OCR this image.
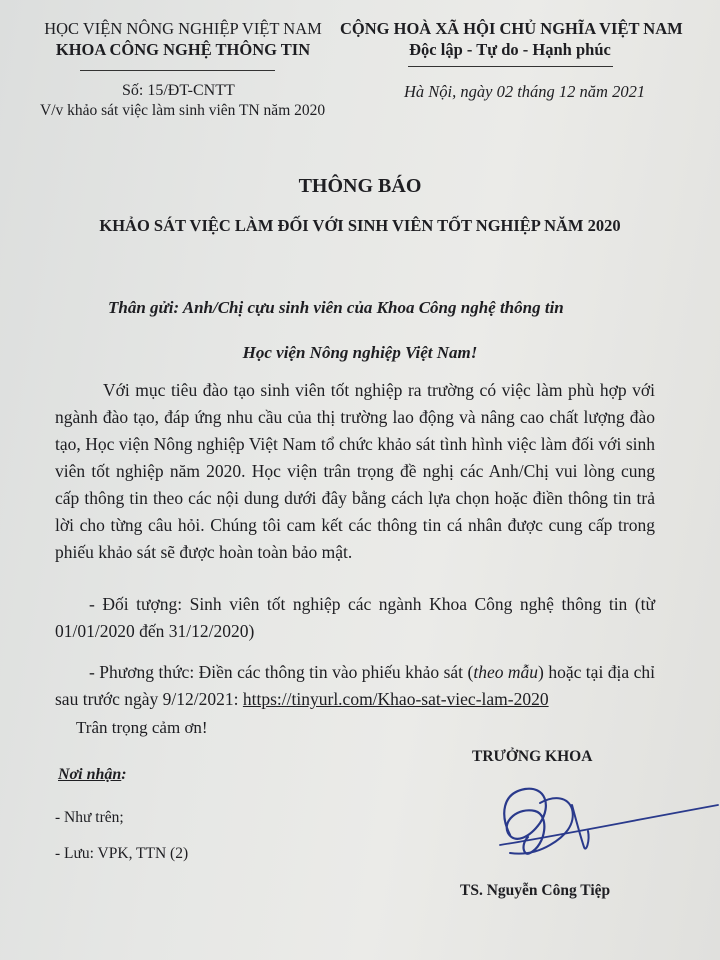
HỌC VIỆN NÔNG NGHIỆP VIỆT NAM
KHOA CÔNG NGHỆ THÔNG TIN
CỘNG HOÀ XÃ HỘI CHỦ NGHĨA VIỆT NAM
Độc lập - Tự do - Hạnh phúc
Số: 15/ĐT-CNTT
V/v khảo sát việc làm sinh viên TN năm 2020
Hà Nội, ngày 02 tháng 12 năm 2021
THÔNG BÁO
KHẢO SÁT VIỆC LÀM ĐỐI VỚI SINH VIÊN TỐT NGHIỆP NĂM 2020
Thân gửi: Anh/Chị cựu sinh viên của Khoa Công nghệ thông tin
Học viện Nông nghiệp Việt Nam!
Với mục tiêu đào tạo sinh viên tốt nghiệp ra trường có việc làm phù hợp với ngành đào tạo, đáp ứng nhu cầu của thị trường lao động và nâng cao chất lượng đào tạo, Học viện Nông nghiệp Việt Nam tổ chức khảo sát tình hình việc làm đối với sinh viên tốt nghiệp năm 2020. Học viện trân trọng đề nghị các Anh/Chị vui lòng cung cấp thông tin theo các nội dung dưới đây bằng cách lựa chọn hoặc điền thông tin trả lời cho từng câu hỏi. Chúng tôi cam kết các thông tin cá nhân được cung cấp trong phiếu khảo sát sẽ được hoàn toàn bảo mật.
- Đối tượng: Sinh viên tốt nghiệp các ngành Khoa Công nghệ thông tin (từ 01/01/2020 đến 31/12/2020)
- Phương thức: Điền các thông tin vào phiếu khảo sát (theo mẫu) hoặc tại địa chỉ sau trước ngày 9/12/2021: https://tinyurl.com/Khao-sat-viec-lam-2020
Trân trọng cảm ơn!
TRƯỞNG KHOA
Nơi nhận:
- Như trên;
- Lưu: VPK, TTN (2)
TS. Nguyễn Công Tiệp
